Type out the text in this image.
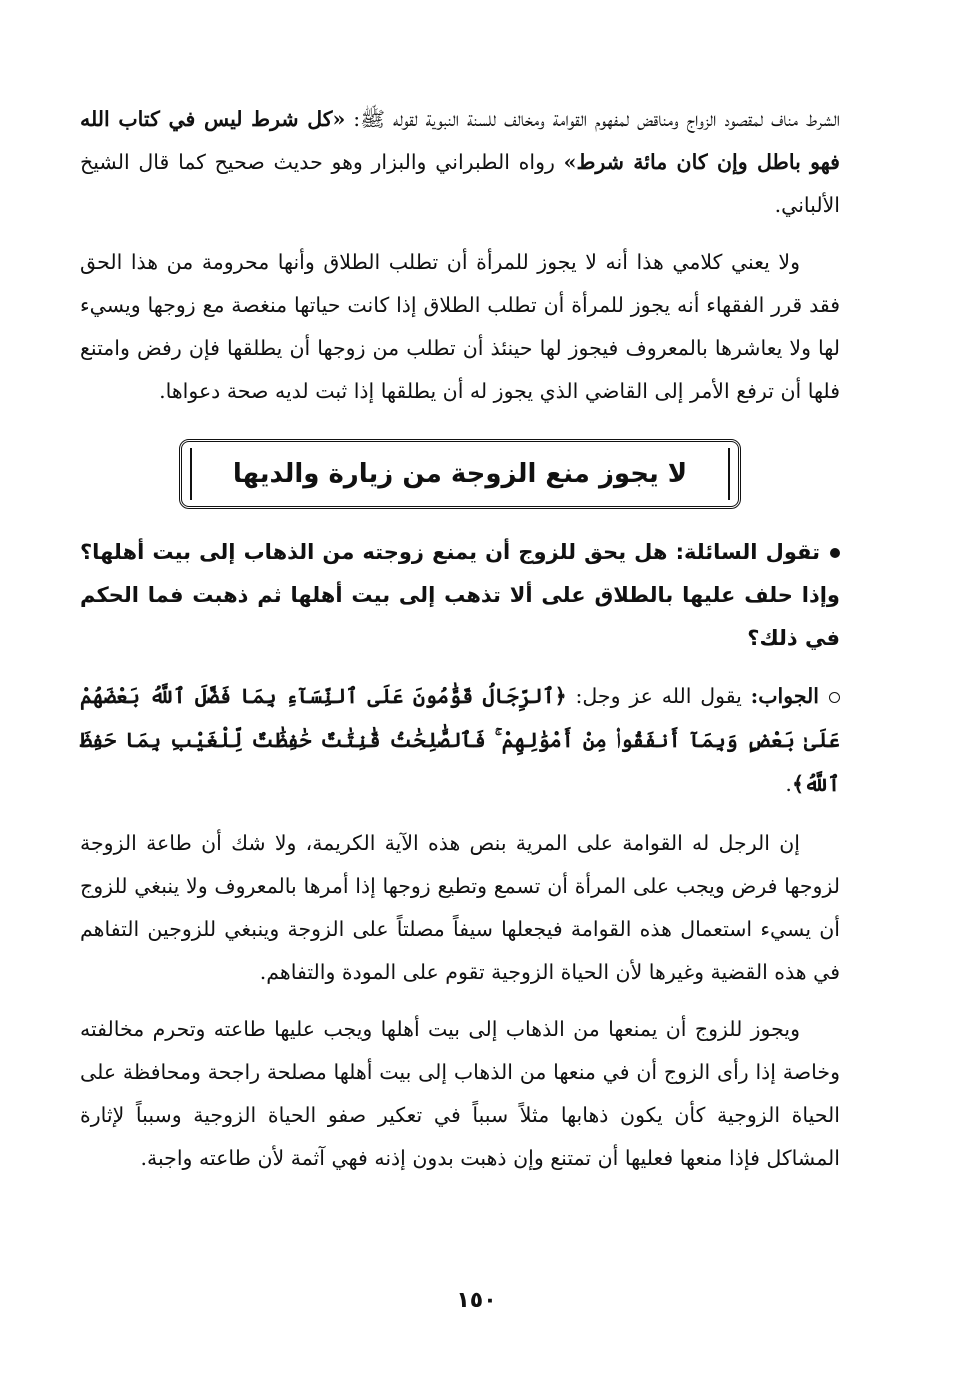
الشرط مناف لمقصود الزواج ومناقض لمفهوم القوامة ومخالف للسنة النبوية لقوله ﷺ: «كل شرط ليس في كتاب الله فهو باطل وإن كان مائة شرط» رواه الطبراني والبزار وهو حديث صحيح كما قال الشيخ الألباني.

ولا يعني كلامي هذا أنه لا يجوز للمرأة أن تطلب الطلاق وأنها محرومة من هذا الحق فقد قرر الفقهاء أنه يجوز للمرأة أن تطلب الطلاق إذا كانت حياتها منغصة مع زوجها ويسيء لها ولا يعاشرها بالمعروف فيجوز لها حينئذ أن تطلب من زوجها أن يطلقها فإن رفض وامتنع فلها أن ترفع الأمر إلى القاضي الذي يجوز له أن يطلقها إذا ثبت لديه صحة دعواها.

لا يجوز منع الزوجة من زيارة والديها

تقول السائلة: هل يحق للزوج أن يمنع زوجته من الذهاب إلى بيت أهلها؟ وإذا حلف عليها بالطلاق على ألا تذهب إلى بيت أهلها ثم ذهبت فما الحكم في ذلك؟

الجواب: يقول الله عز وجل: ﴿ٱلرِّجَالُ قَوَّٰمُونَ عَلَى ٱلنِّسَآءِ بِمَا فَضَّلَ ٱللَّهُ بَعْضَهُمْ عَلَىٰ بَعْضٍ وَبِمَآ أَنفَقُوا۟ مِنْ أَمْوَٰلِهِمْ ۚ فَٱلصَّٰلِحَٰتُ قَٰنِتَٰتٌ حَٰفِظَٰتٌ لِّلْغَيْبِ بِمَا حَفِظَ ٱللَّهُ﴾.

إن الرجل له القوامة على المرية بنص هذه الآية الكريمة، ولا شك أن طاعة الزوجة لزوجها فرض ويجب على المرأة أن تسمع وتطيع زوجها إذا أمرها بالمعروف ولا ينبغي للزوج أن يسيء استعمال هذه القوامة فيجعلها سيفاً مصلتاً على الزوجة وينبغي للزوجين التفاهم في هذه القضية وغيرها لأن الحياة الزوجية تقوم على المودة والتفاهم.

ويجوز للزوج أن يمنعها من الذهاب إلى بيت أهلها ويجب عليها طاعته وتحرم مخالفته وخاصة إذا رأى الزوج أن في منعها من الذهاب إلى بيت أهلها مصلحة راجحة ومحافظة على الحياة الزوجية كأن يكون ذهابها مثلاً سبباً في تعكير صفو الحياة الزوجية وسبباً لإثارة المشاكل فإذا منعها فعليها أن تمتنع وإن ذهبت بدون إذنه فهي آثمة لأن طاعته واجبة.

١٥٠
